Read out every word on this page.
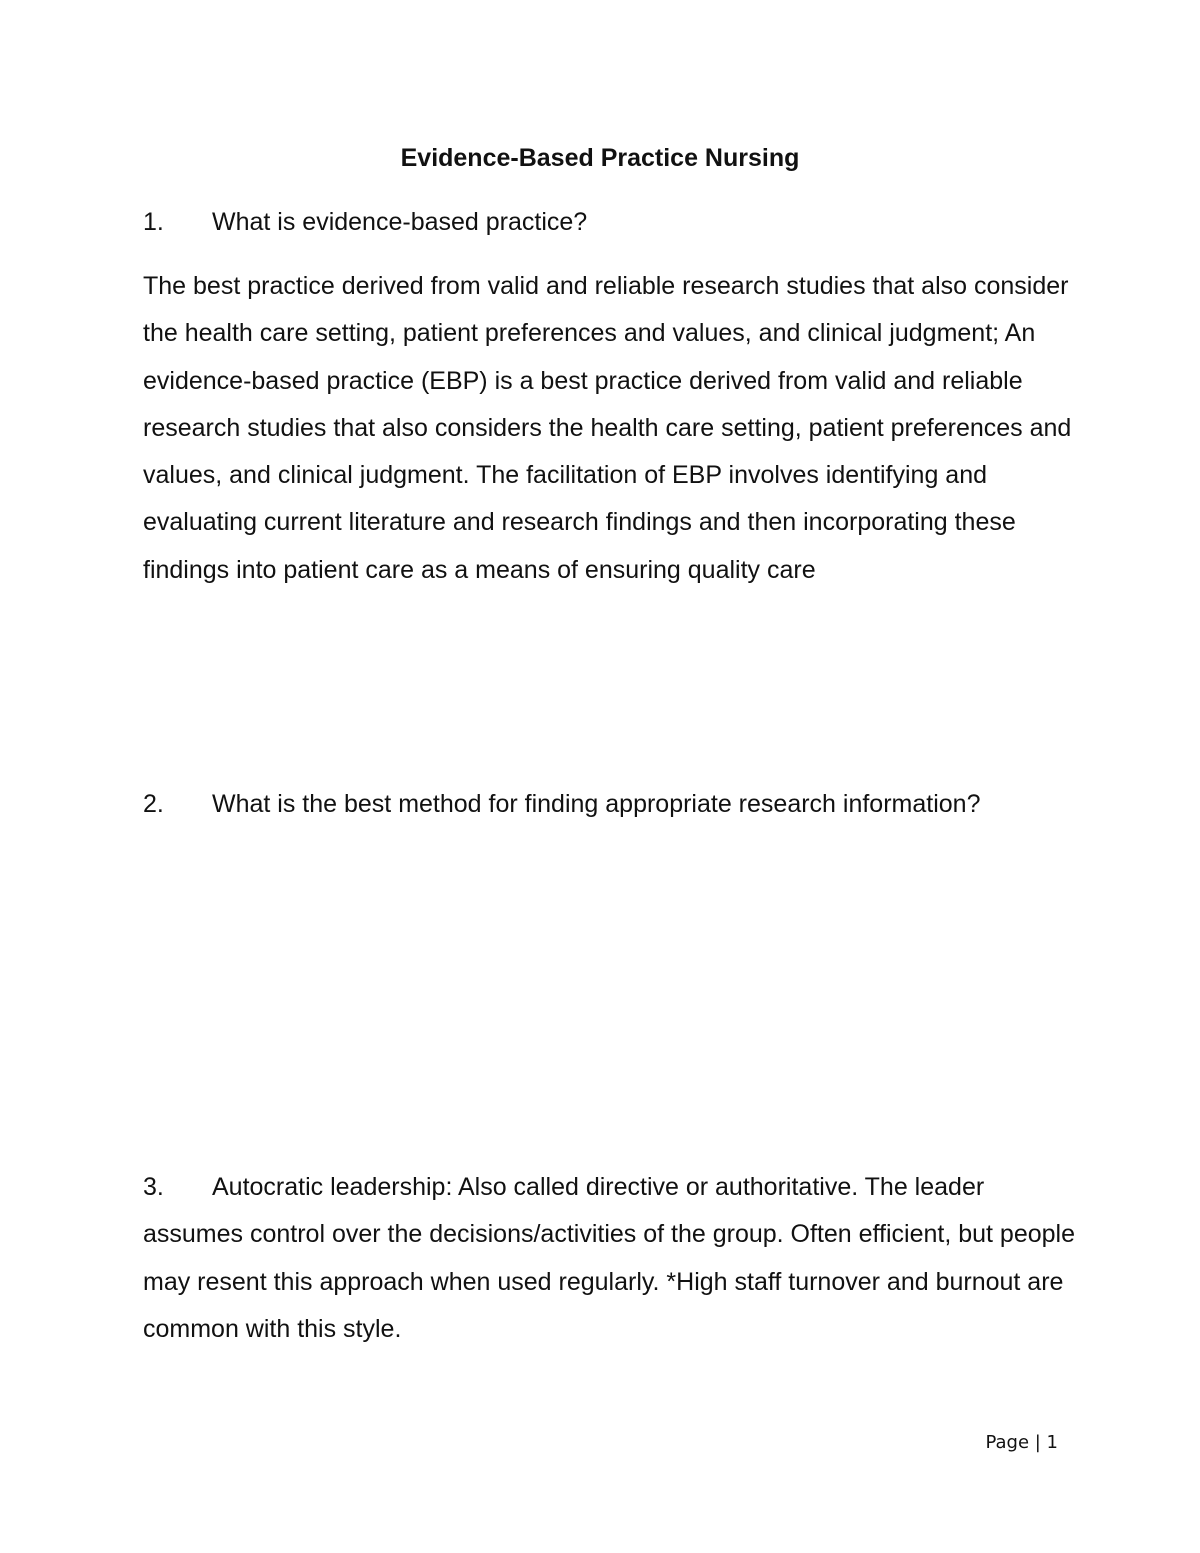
Evidence-Based Practice Nursing

1. What is evidence-based practice?

The best practice derived from valid and reliable research studies that also consider the health care setting, patient preferences and values, and clinical judgment; An evidence-based practice (EBP) is a best practice derived from valid and reliable research studies that also considers the health care setting, patient preferences and values, and clinical judgment. The facilitation of EBP involves identifying and evaluating current literature and research findings and then incorporating these findings into patient care as a means of ensuring quality care

2. What is the best method for finding appropriate research information?

3. Autocratic leadership: Also called directive or authoritative. The leader assumes control over the decisions/activities of the group. Often efficient, but people may resent this approach when used regularly. *High staff turnover and burnout are common with this style.

Page | 1
